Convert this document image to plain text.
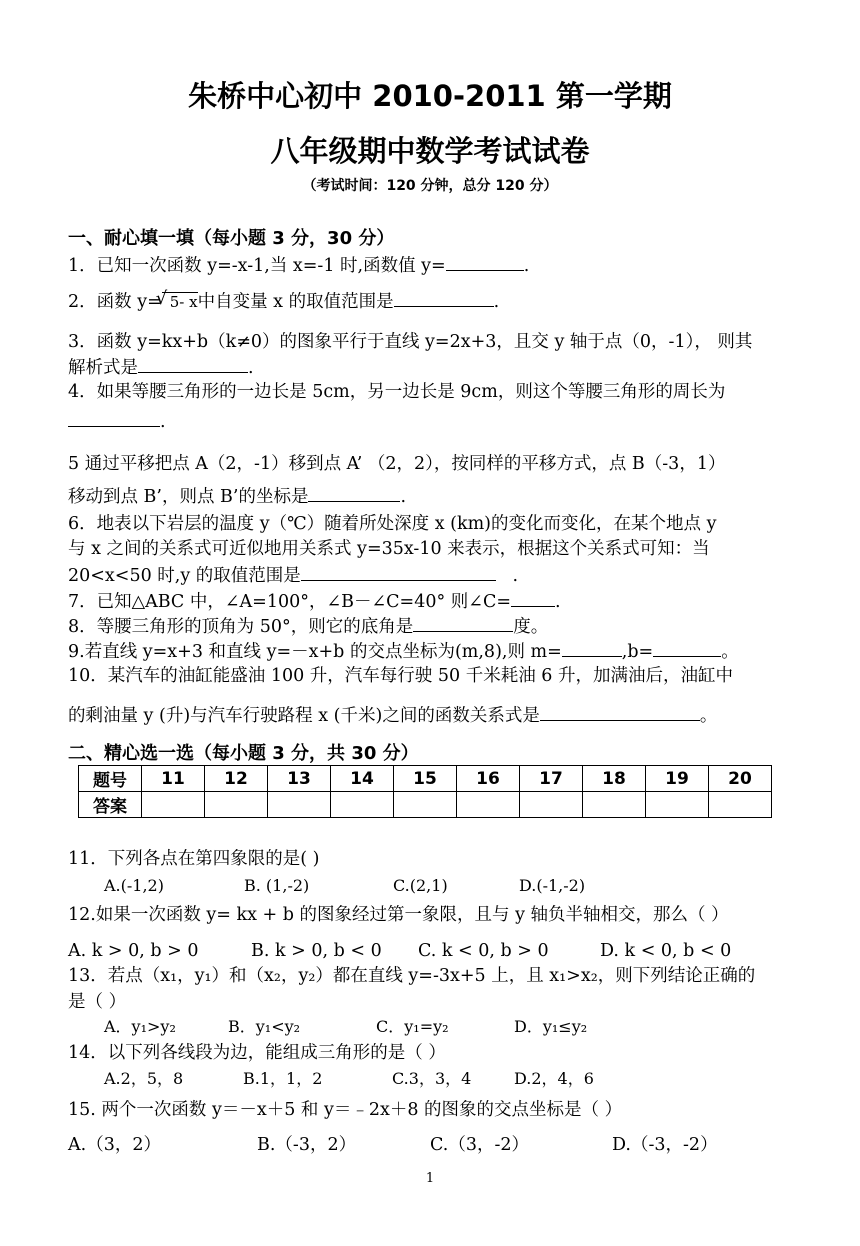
朱桥中心初中 2010-2011 第一学期
八年级期中数学考试试卷
（考试时间：120 分钟，总分 120 分）
一、耐心填一填（每小题 3 分，30 分）
1．已知一次函数 y=-x-1,当 x=-1 时,函数值 y=	.
2．函数 y= √ 5- x中自变量 x 的取值范围是	.
3．函数 y=kx+b（k≠0）的图象平行于直线 y=2x+3，且交 y 轴于点（0，-1）， 则其
解析式是	.
4．如果等腰三角形的一边长是 5cm，另一边长是 9cm，则这个等腰三角形的周长为
.
5 通过平移把点 A（2，-1）移到点 A’ （2，2），按同样的平移方式，点 B（-3，1）
移动到点 B’，则点 B’的坐标是	.
6．地表以下岩层的温度 y（℃）随着所处深度 x (km)的变化而变化，在某个地点 y
与 x 之间的关系式可近似地用关系式 y=35x-10 来表示，根据这个关系式可知：当
20<x<50 时,y 的取值范围是	.
7．已知△ABC 中，∠A=100°，∠B－∠C=40° 则∠C=	.
8．等腰三角形的顶角为 50°，则它的底角是	度。
9.若直线 y=x+3 和直线 y=－x+b 的交点坐标为(m,8),则 m=	,b=	。
10．某汽车的油缸能盛油 100 升，汽车每行驶 50 千米耗油 6 升，加满油后，油缸中
的剩油量 y (升)与汽车行驶路程 x (千米)之间的函数关系式是	。
二、精心选一选（每小题 3 分，共 30 分）
题号	11	12	13	14	15	16	17	18	19	20
答案										
11．下列各点在第四象限的是( )
A.(-1,2)	B. (1,-2)	C.(2,1)	D.(-1,-2)
12.如果一次函数 y= kx + b 的图象经过第一象限，且与 y 轴负半轴相交，那么（ ）
A. k > 0, b > 0	B. k > 0, b < 0 C. k < 0, b > 0	D. k < 0, b < 0
13．若点（x₁，y₁）和（x₂，y₂）都在直线 y=-3x+5 上，且 x₁>x₂，则下列结论正确的
是（ ）
A．y₁>y₂	B．y₁<y₂	C．y₁=y₂	D．y₁≤y₂
14．以下列各线段为边，能组成三角形的是（ ）
A.2，5，8	B.1，1，2	C.3，3，4	D.2，4，6
15. 两个一次函数 y＝－x＋5 和 y＝﹣2x＋8 的图象的交点坐标是（ ）
A.（3，2）	B.（-3，2）	C.（3，-2）	D.（-3，-2）
1
